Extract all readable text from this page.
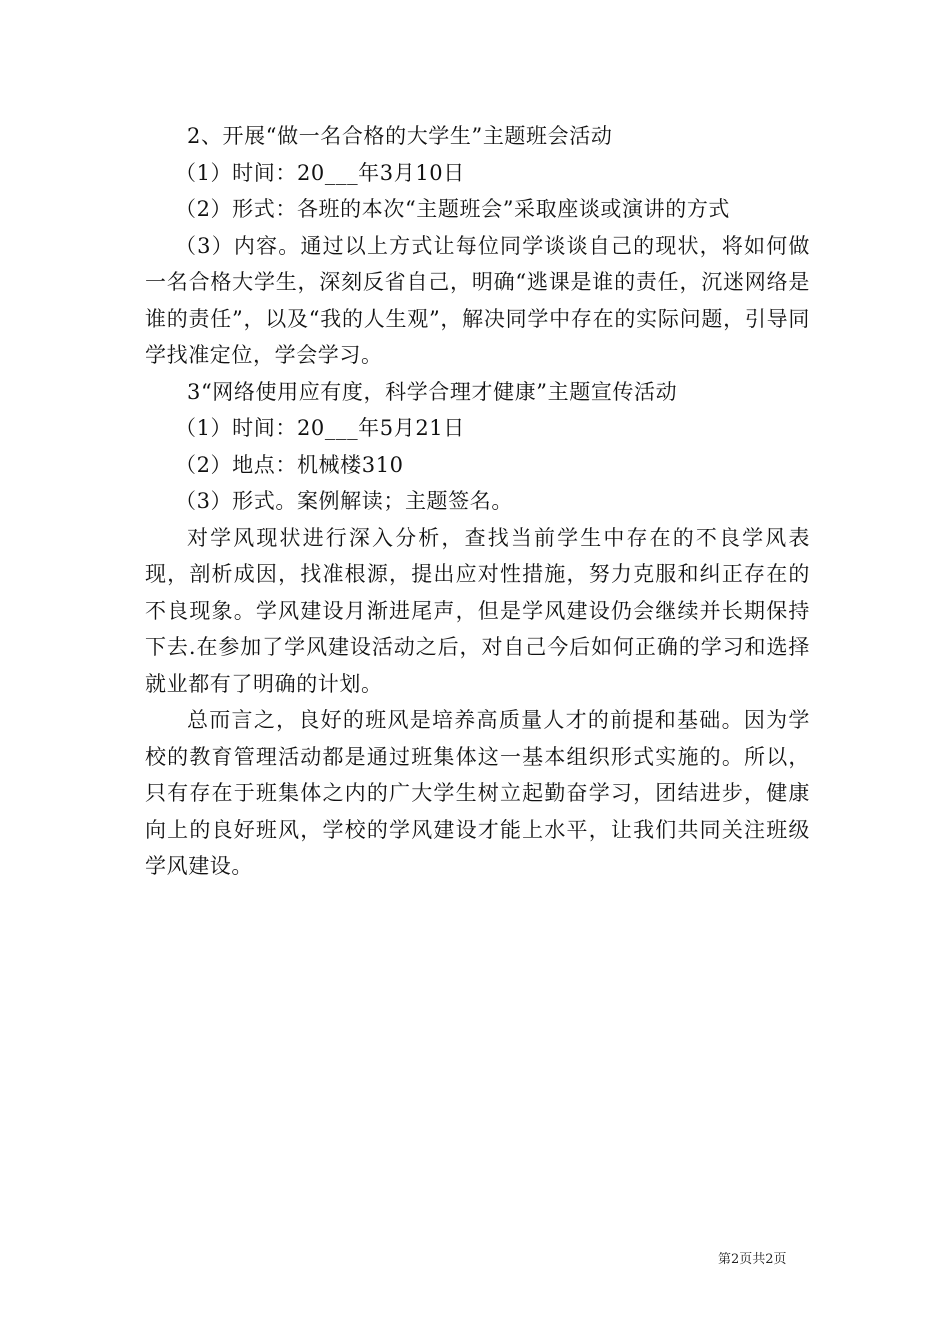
2、开展“做一名合格的大学生”主题班会活动

（1）时间：20___年3月10日

（2）形式：各班的本次“主题班会”采取座谈或演讲的方式

（3）内容。通过以上方式让每位同学谈谈自己的现状，将如何做一名合格大学生，深刻反省自己，明确“逃课是谁的责任，沉迷网络是谁的责任”，以及“我的人生观”，解决同学中存在的实际问题，引导同学找准定位，学会学习。

3“网络使用应有度，科学合理才健康”主题宣传活动

（1）时间：20___年5月21日

（2）地点：机械楼310

（3）形式。案例解读；主题签名。

对学风现状进行深入分析，查找当前学生中存在的不良学风表现，剖析成因，找准根源，提出应对性措施，努力克服和纠正存在的不良现象。学风建设月渐进尾声，但是学风建设仍会继续并长期保持下去.在参加了学风建设活动之后，对自己今后如何正确的学习和选择就业都有了明确的计划。

总而言之，良好的班风是培养高质量人才的前提和基础。因为学校的教育管理活动都是通过班集体这一基本组织形式实施的。所以，只有存在于班集体之内的广大学生树立起勤奋学习，团结进步，健康向上的良好班风，学校的学风建设才能上水平，让我们共同关注班级学风建设。

第2页共2页
